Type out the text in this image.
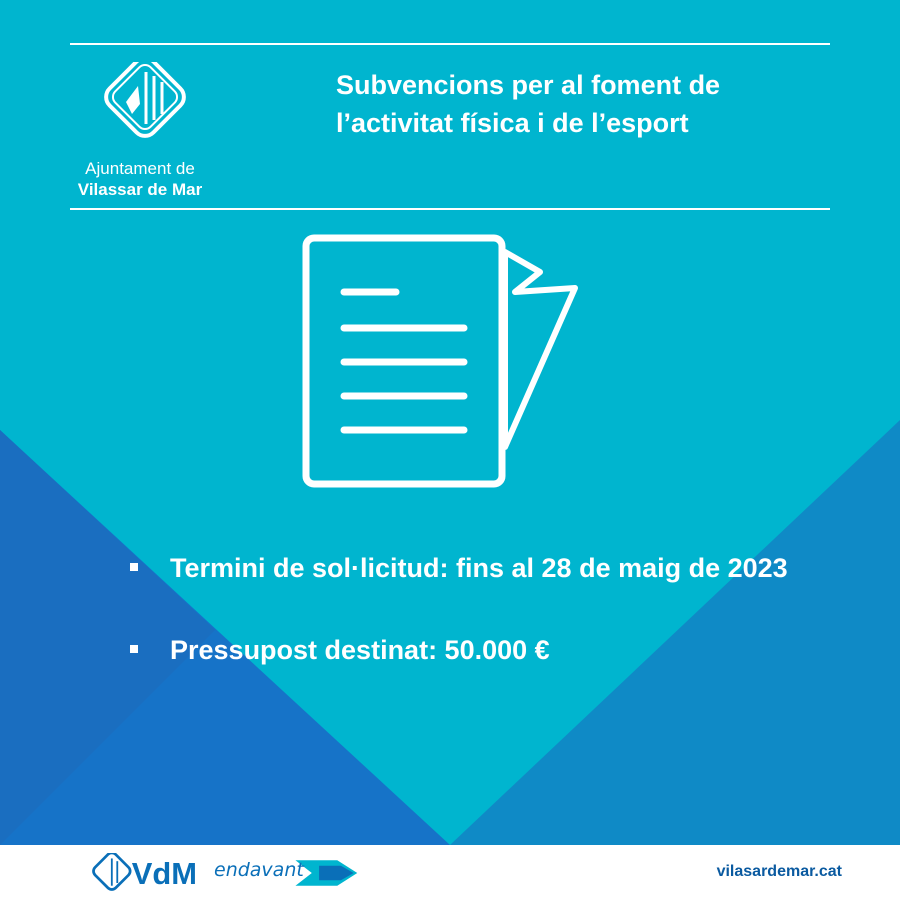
Ajuntament de
Vilassar de Mar
Subvencions per al foment de l’activitat física i de l’esport
Termini de sol·licitud: fins al 28 de maig de 2023
Pressupost destinat: 50.000 €
VdM endavant	vilasardemar.cat
